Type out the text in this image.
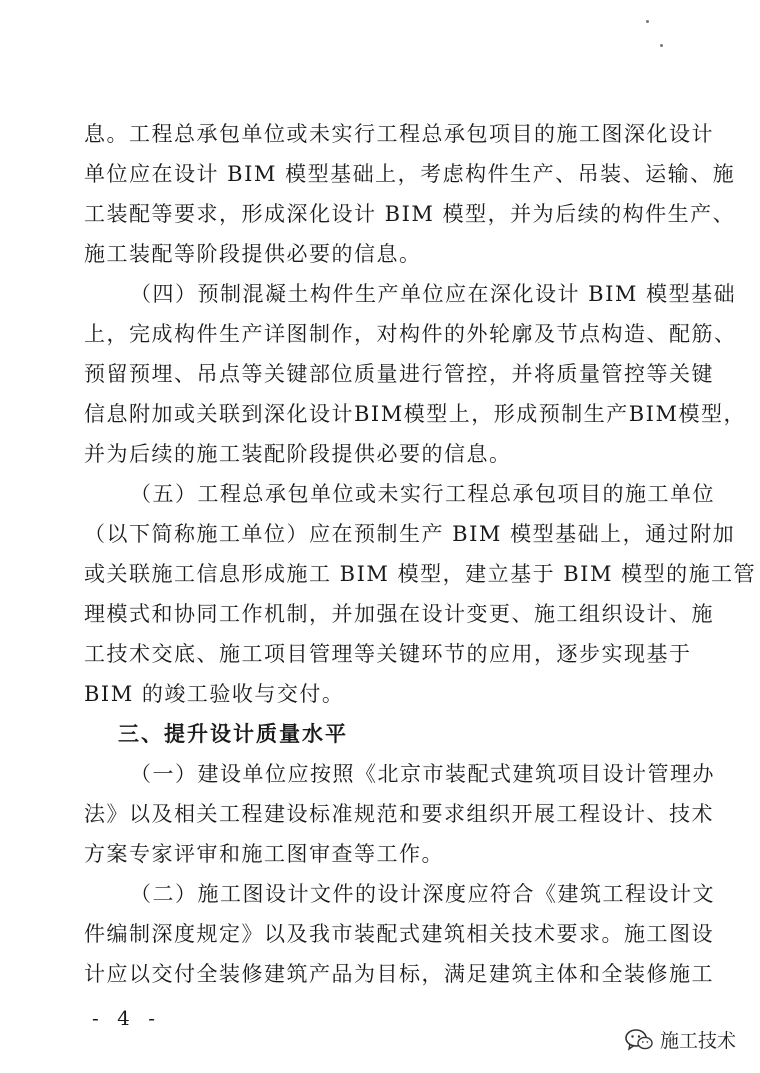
息。工程总承包单位或未实行工程总承包项目的施工图深化设计
单位应在设计 BIM 模型基础上，考虑构件生产、吊装、运输、施
工装配等要求，形成深化设计 BIM 模型，并为后续的构件生产、
施工装配等阶段提供必要的信息。
（四）预制混凝土构件生产单位应在深化设计 BIM 模型基础
上，完成构件生产详图制作，对构件的外轮廓及节点构造、配筋、
预留预埋、吊点等关键部位质量进行管控，并将质量管控等关键
信息附加或关联到深化设计BIM模型上，形成预制生产BIM模型，
并为后续的施工装配阶段提供必要的信息。
（五）工程总承包单位或未实行工程总承包项目的施工单位
（以下简称施工单位）应在预制生产 BIM 模型基础上，通过附加
或关联施工信息形成施工 BIM 模型，建立基于 BIM 模型的施工管
理模式和协同工作机制，并加强在设计变更、施工组织设计、施
工技术交底、施工项目管理等关键环节的应用，逐步实现基于
BIM 的竣工验收与交付。
三、提升设计质量水平
（一）建设单位应按照《北京市装配式建筑项目设计管理办
法》以及相关工程建设标准规范和要求组织开展工程设计、技术
方案专家评审和施工图审查等工作。
（二）施工图设计文件的设计深度应符合《建筑工程设计文
件编制深度规定》以及我市装配式建筑相关技术要求。施工图设
计应以交付全装修建筑产品为目标，满足建筑主体和全装修施工
- 4 -
施工技术
